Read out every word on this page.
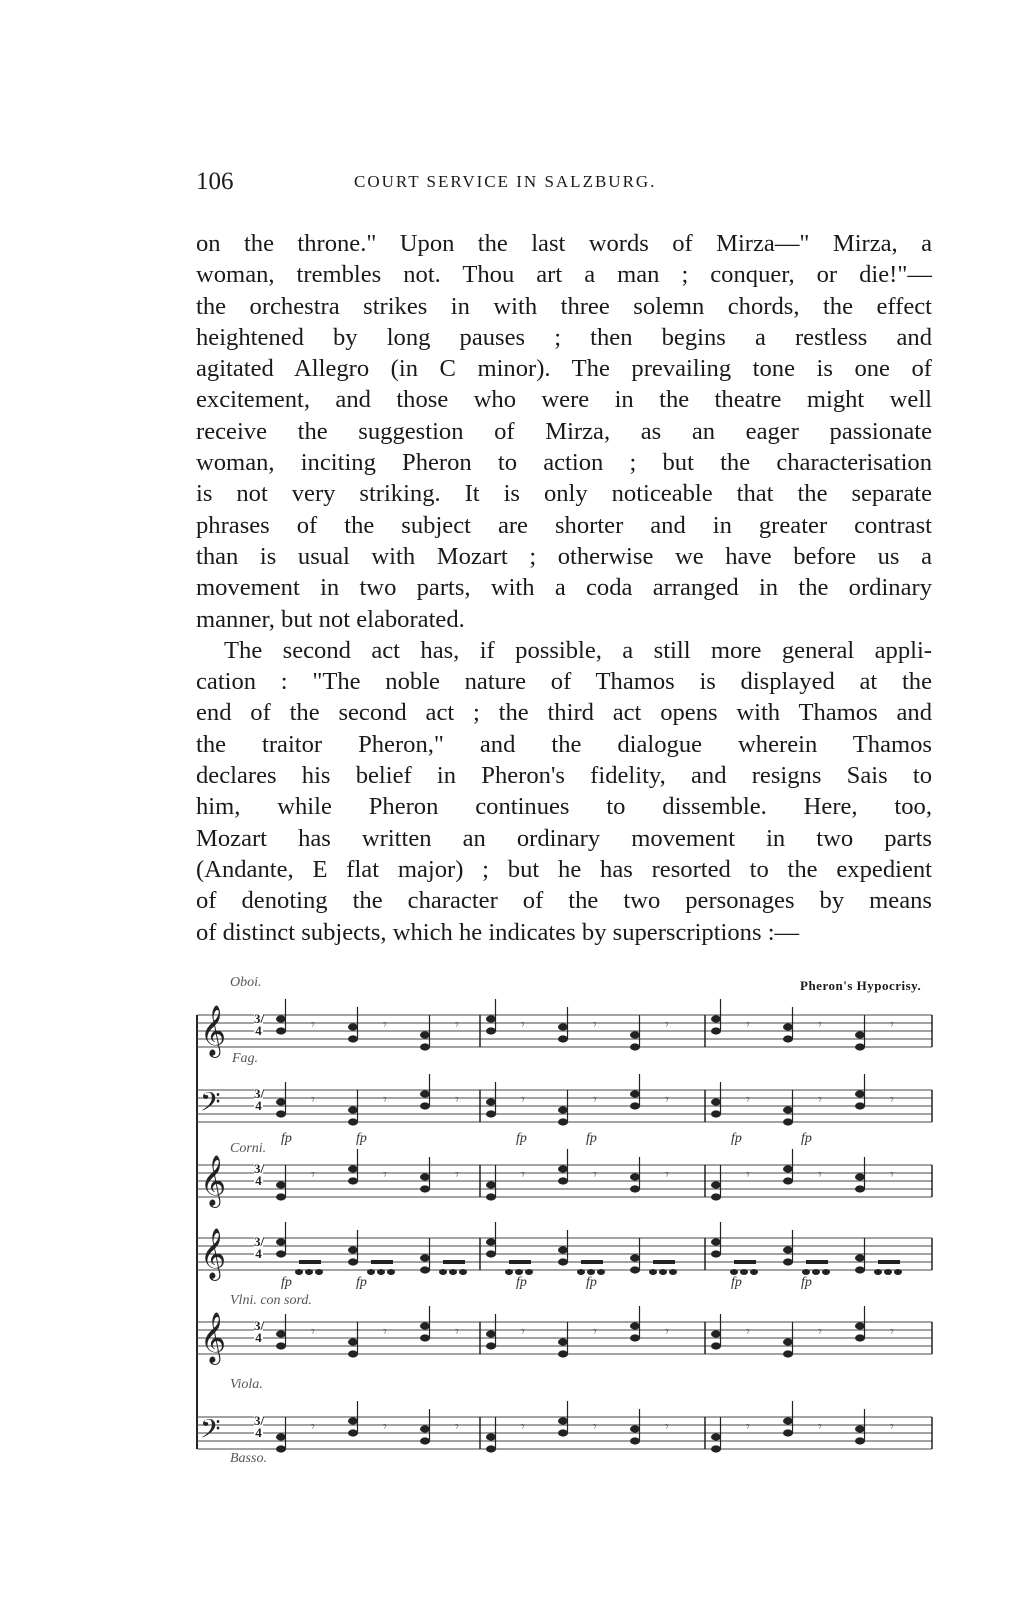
106	COURT SERVICE IN SALZBURG.
on the throne." Upon the last words of Mirza—" Mirza, a
woman, trembles not. Thou art a man ; conquer, or die!"—
the orchestra strikes in with three solemn chords, the effect
heightened by long pauses ; then begins a restless and
agitated Allegro (in C minor). The prevailing tone is one of
excitement, and those who were in the theatre might well
receive the suggestion of Mirza, as an eager passionate
woman, inciting Pheron to action ; but the characterisation
is not very striking. It is only noticeable that the separate
phrases of the subject are shorter and in greater contrast
than is usual with Mozart ; otherwise we have before us a
movement in two parts, with a coda arranged in the ordinary
manner, but not elaborated.
The second act has, if possible, a still more general appli-
cation : "The noble nature of Thamos is displayed at the
end of the second act ; the third act opens with Thamos and
the traitor Pheron," and the dialogue wherein Thamos
declares his belief in Pheron's fidelity, and resigns Sais to
him, while Pheron continues to dissemble. Here, too,
Mozart has written an ordinary movement in two parts
(Andante, E flat major) ; but he has resorted to the expedient
of denoting the character of the two personages by means
of distinct subjects, which he indicates by superscriptions :—
Pheron's Hypocrisy.
𝄞	𝄾	𝄾	𝄾	𝄾	𝄾	𝄾	𝄾	𝄾	𝄾
𝄢	𝄾	𝄾	𝄾	𝄾	𝄾	𝄾	𝄾	𝄾	𝄾
fp	fp	fp	fp	fp	fp
𝄞	𝄾	𝄾	𝄾	𝄾	𝄾	𝄾	𝄾	𝄾	𝄾
𝄞
fp	fp	fp	fp	fp	fp
𝄞	𝄾	𝄾	𝄾	𝄾	𝄾	𝄾	𝄾	𝄾	𝄾
𝄢	𝄾	𝄾	𝄾	𝄾	𝄾	𝄾	𝄾	𝄾	𝄾
Oboi.
Fag.
Corni.
Vlni. con sord.
Viola.
Basso.
3/4
3/4
3/4
3/4
3/4
3/4
